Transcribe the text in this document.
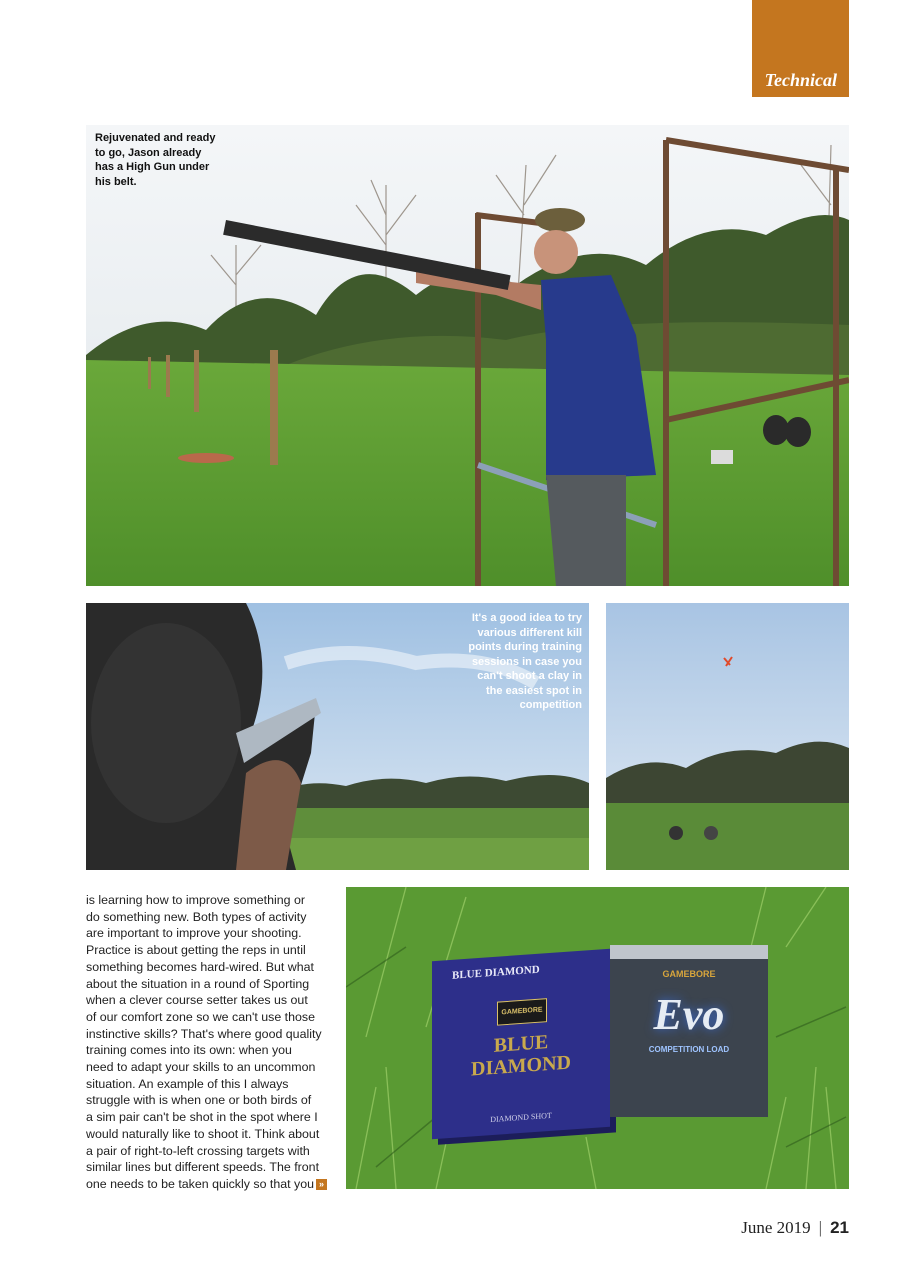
Technical
Rejuvenated and ready to go, Jason already has a High Gun under his belt.
It's a good idea to try various different kill points during training sessions in case you can't shoot a clay in the easiest spot in competition
BLUE DIAMOND
GAMEBORE
BLUE
DIAMOND
DIAMOND SHOT
GAMEBORE
Evo
COMPETITION LOAD
is learning how to improve something or
do something new. Both types of activity
are important to improve your shooting.
Practice is about getting the reps in until
something becomes hard-wired. But what
about the situation in a round of Sporting
when a clever course setter takes us out
of our comfort zone so we can't use those
instinctive skills? That's where good quality
training comes into its own: when you
need to adapt your skills to an uncommon
situation. An example of this I always
struggle with is when one or both birds of
a sim pair can't be shot in the spot where I
would naturally like to shoot it. Think about
a pair of right-to-left crossing targets with
similar lines but different speeds. The front
one needs to be taken quickly so that you »
June 2019 | 21
